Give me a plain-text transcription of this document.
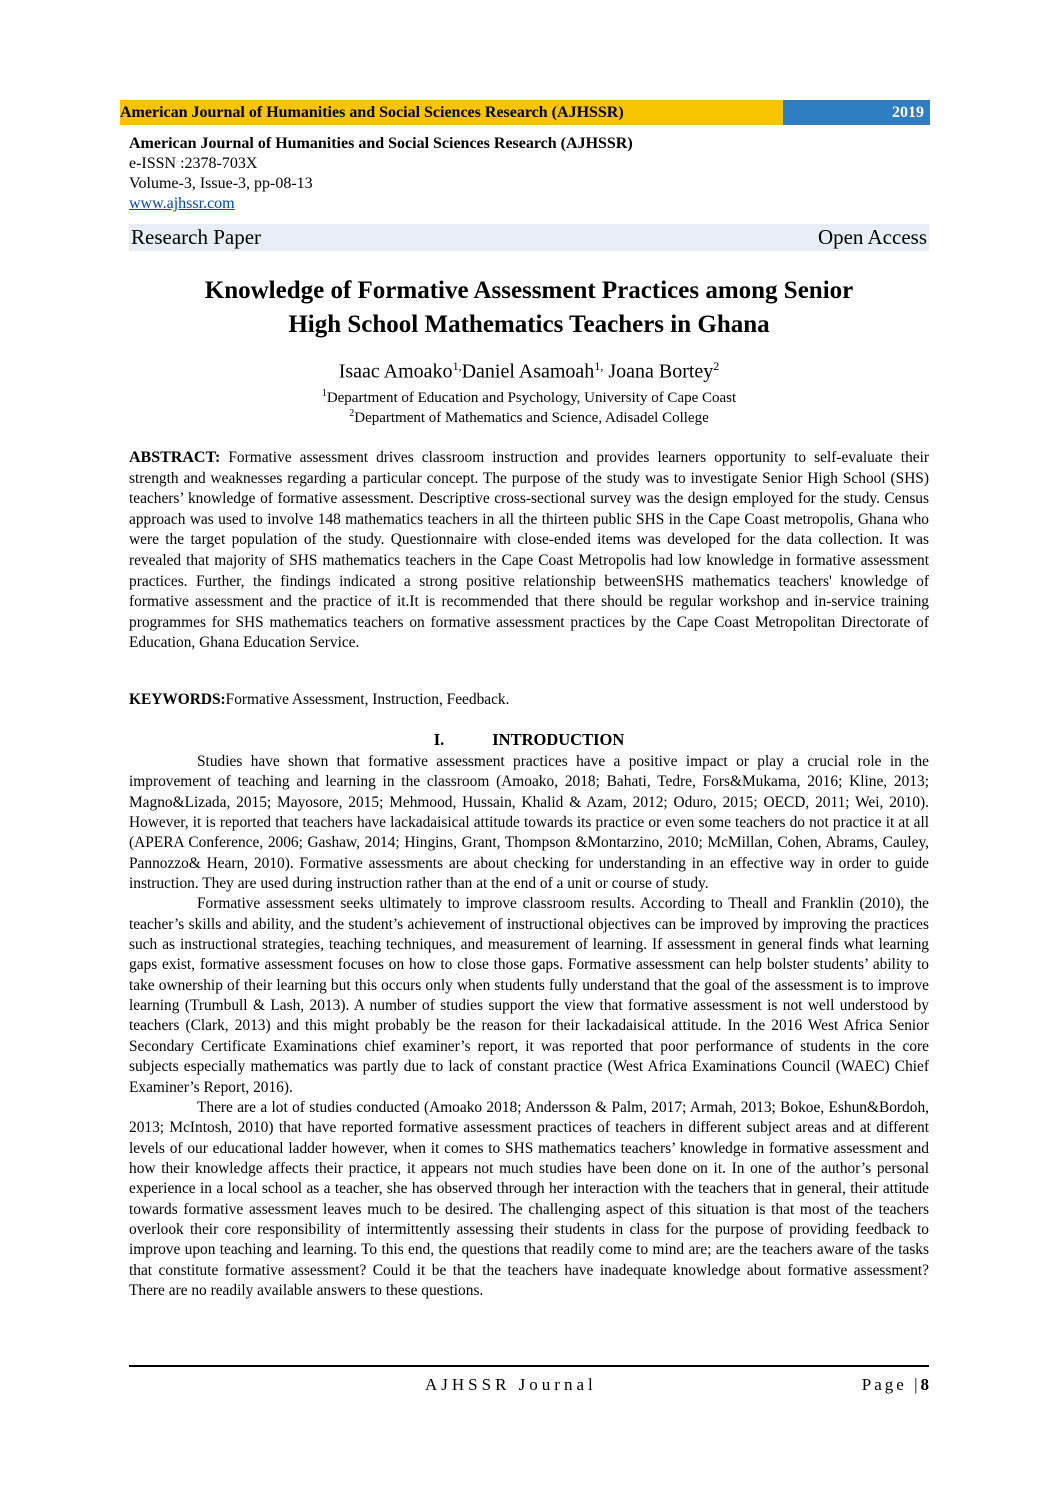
American Journal of Humanities and Social Sciences Research (AJHSSR)	2019
American Journal of Humanities and Social Sciences Research (AJHSSR)
e-ISSN :2378-703X
Volume-3, Issue-3, pp-08-13
www.ajhssr.com
Research Paper	Open Access
Knowledge of Formative Assessment Practices among Senior
High School Mathematics Teachers in Ghana
Isaac Amoako$^{1,}$Daniel Asamoah$^{1,}$ Joana Bortey$^2$
$^1$Department of Education and Psychology, University of Cape Coast
$^2$Department of Mathematics and Science, Adisadel College
ABSTRACT: Formative assessment drives classroom instruction and provides learners opportunity to self-evaluate their strength and weaknesses regarding a particular concept. The purpose of the study was to investigate Senior High School (SHS) teachers’ knowledge of formative assessment. Descriptive cross-sectional survey was the design employed for the study. Census approach was used to involve 148 mathematics teachers in all the thirteen public SHS in the Cape Coast metropolis, Ghana who were the target population of the study. Questionnaire with close-ended items was developed for the data collection. It was revealed that majority of SHS mathematics teachers in the Cape Coast Metropolis had low knowledge in formative assessment practices. Further, the findings indicated a strong positive relationship betweenSHS mathematics teachers' knowledge of formative assessment and the practice of it.It is recommended that there should be regular workshop and in-service training programmes for SHS mathematics teachers on formative assessment practices by the Cape Coast Metropolitan Directorate of Education, Ghana Education Service.
KEYWORDS:Formative Assessment, Instruction, Feedback.
I.	INTRODUCTION

Studies have shown that formative assessment practices have a positive impact or play a crucial role in the improvement of teaching and learning in the classroom (Amoako, 2018; Bahati, Tedre, Fors&Mukama, 2016; Kline, 2013; Magno&Lizada, 2015; Mayosore, 2015; Mehmood, Hussain, Khalid & Azam, 2012; Oduro, 2015; OECD, 2011; Wei, 2010). However, it is reported that teachers have lackadaisical attitude towards its practice or even some teachers do not practice it at all (APERA Conference, 2006; Gashaw, 2014; Hingins, Grant, Thompson &Montarzino, 2010; McMillan, Cohen, Abrams, Cauley, Pannozzo& Hearn, 2010). Formative assessments are about checking for understanding in an effective way in order to guide instruction. They are used during instruction rather than at the end of a unit or course of study.

Formative assessment seeks ultimately to improve classroom results. According to Theall and Franklin (2010), the teacher’s skills and ability, and the student’s achievement of instructional objectives can be improved by improving the practices such as instructional strategies, teaching techniques, and measurement of learning. If assessment in general finds what learning gaps exist, formative assessment focuses on how to close those gaps. Formative assessment can help bolster students’ ability to take ownership of their learning but this occurs only when students fully understand that the goal of the assessment is to improve learning (Trumbull & Lash, 2013). A number of studies support the view that formative assessment is not well understood by teachers (Clark, 2013) and this might probably be the reason for their lackadaisical attitude. In the 2016 West Africa Senior Secondary Certificate Examinations chief examiner’s report, it was reported that poor performance of students in the core subjects especially mathematics was partly due to lack of constant practice (West Africa Examinations Council (WAEC) Chief Examiner’s Report, 2016).

There are a lot of studies conducted (Amoako 2018; Andersson & Palm, 2017; Armah, 2013; Bokoe, Eshun&Bordoh, 2013; McIntosh, 2010) that have reported formative assessment practices of teachers in different subject areas and at different levels of our educational ladder however, when it comes to SHS mathematics teachers’ knowledge in formative assessment and how their knowledge affects their practice, it appears not much studies have been done on it. In one of the author’s personal experience in a local school as a teacher, she has observed through her interaction with the teachers that in general, their attitude towards formative assessment leaves much to be desired. The challenging aspect of this situation is that most of the teachers overlook their core responsibility of intermittently assessing their students in class for the purpose of providing feedback to improve upon teaching and learning. To this end, the questions that readily come to mind are; are the teachers aware of the tasks that constitute formative assessment? Could it be that the teachers have inadequate knowledge about formative assessment? There are no readily available answers to these questions.

AJHSSR Journal	Page |8
